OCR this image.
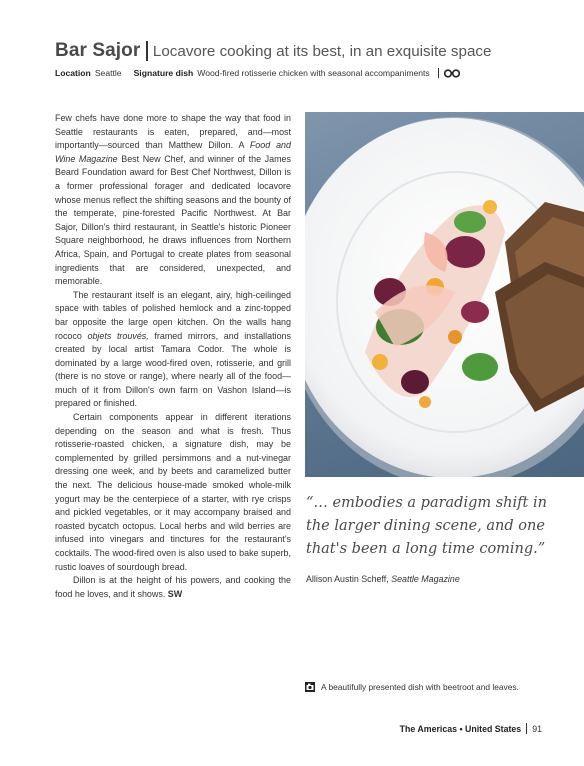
Bar Sajor Locavore cooking at its best, in an exquisite space
Location Seattle Signature dish Wood-fired rotisserie chicken with seasonal accompaniments

Few chefs have done more to shape the way that food in Seattle restaurants is eaten, prepared, and—most importantly—sourced than Matthew Dillon. A Food and Wine Magazine Best New Chef, and winner of the James Beard Foundation award for Best Chef Northwest, Dillon is a former professional forager and dedicated locavore whose menus reflect the shifting seasons and the bounty of the temperate, pine-forested Pacific Northwest. At Bar Sajor, Dillon's third restaurant, in Seattle's historic Pioneer Square neighborhood, he draws influences from Northern Africa, Spain, and Portugal to create plates from seasonal ingredients that are considered, unexpected, and memorable.

The restaurant itself is an elegant, airy, high-ceilinged space with tables of polished hemlock and a zinc-topped bar opposite the large open kitchen. On the walls hang rococo objets trouvés, framed mirrors, and installations created by local artist Tamara Codor. The whole is dominated by a large wood-fired oven, rotisserie, and grill (there is no stove or range), where nearly all of the food—much of it from Dillon's own farm on Vashon Island—is prepared or finished.

Certain components appear in different iterations depending on the season and what is fresh. Thus rotisserie-roasted chicken, a signature dish, may be complemented by grilled persimmons and a nut-vinegar dressing one week, and by beets and caramelized butter the next. The delicious house-made smoked whole-milk yogurt may be the centerpiece of a starter, with rye crisps and pickled vegetables, or it may accompany braised and roasted bycatch octopus. Local herbs and wild berries are infused into vinegars and tinctures for the restaurant's cocktails. The wood-fired oven is also used to bake superb, rustic loaves of sourdough bread.

Dillon is at the height of his powers, and cooking the food he loves, and it shows. SW

“… embodies a paradigm shift in the larger dining scene, and one that's been a long time coming.”
Allison Austin Scheff, Seattle Magazine
A beautifully presented dish with beetroot and leaves.
The Americas • United States 91
